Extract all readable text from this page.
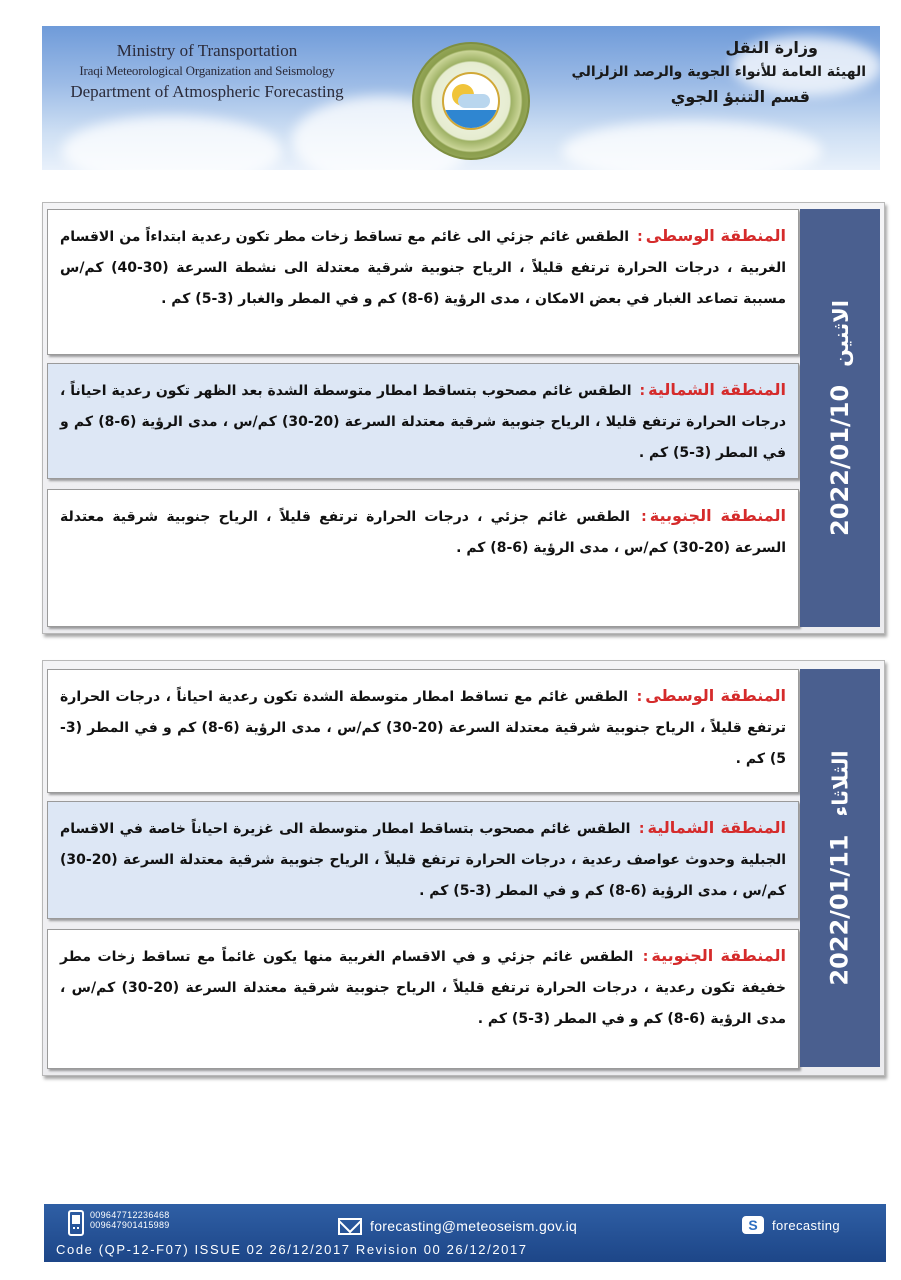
Ministry of Transportation
Iraqi Meteorological Organization and Seismology
Department of Atmospheric Forecasting
وزارة النقل
الهيئة العامة للأنواء الجوية والرصد الزلزالي
قسم التنبؤ الجوي
المنطقة الوسطى: الطقس غائم جزئي الى غائم مع تساقط زخات مطر تكون رعدية ابتداءاً من الاقسام الغربية ، درجات الحرارة ترتفع قليلاً ، الرياح جنوبية شرقية معتدلة الى نشطة السرعة (30-40) كم/س مسببة تصاعد الغبار في بعض الامكان ، مدى الرؤية (6-8) كم و في المطر والغبار (3-5) كم .
المنطقة الشمالية: الطقس غائم مصحوب بتساقط امطار متوسطة الشدة بعد الظهر تكون رعدية احياناً ، درجات الحرارة ترتفع قليلا ، الرياح جنوبية شرقية معتدلة السرعة (20-30) كم/س ، مدى الرؤية (6-8) كم و في المطر (3-5) كم .
المنطقة الجنوبية: الطقس غائم جزئي ، درجات الحرارة ترتفع قليلاً ، الرياح جنوبية شرقية معتدلة السرعة (20-30) كم/س ، مدى الرؤية (6-8) كم .
2022/01/10
الاثنين
المنطقة الوسطى: الطقس غائم مع تساقط امطار متوسطة الشدة تكون رعدية احياناً ، درجات الحرارة ترتفع قليلاً ، الرياح جنوبية شرقية معتدلة السرعة (20-30) كم/س ، مدى الرؤية (6-8) كم و في المطر (3-5) كم .
المنطقة الشمالية: الطقس غائم مصحوب بتساقط امطار متوسطة الى غزيرة احياناً خاصة في الاقسام الجبلية وحدوث عواصف رعدية ، درجات الحرارة ترتفع قليلاً ، الرياح جنوبية شرقية معتدلة السرعة (20-30) كم/س ، مدى الرؤية (6-8) كم و في المطر (3-5) كم .
المنطقة الجنوبية: الطقس غائم جزئي و في الاقسام الغربية منها يكون غائماً مع تساقط زخات مطر خفيفة تكون رعدية ، درجات الحرارة ترتفع قليلاً ، الرياح جنوبية شرقية معتدلة السرعة (20-30) كم/س ، مدى الرؤية (6-8) كم و في المطر (3-5) كم .
2022/01/11
الثلاثاء
009647712236468
009647901415989	forecasting@meteoseism.gov.iq	S	forecasting
Code (QP-12-F07) ISSUE 02 26/12/2017 Revision 00 26/12/2017
